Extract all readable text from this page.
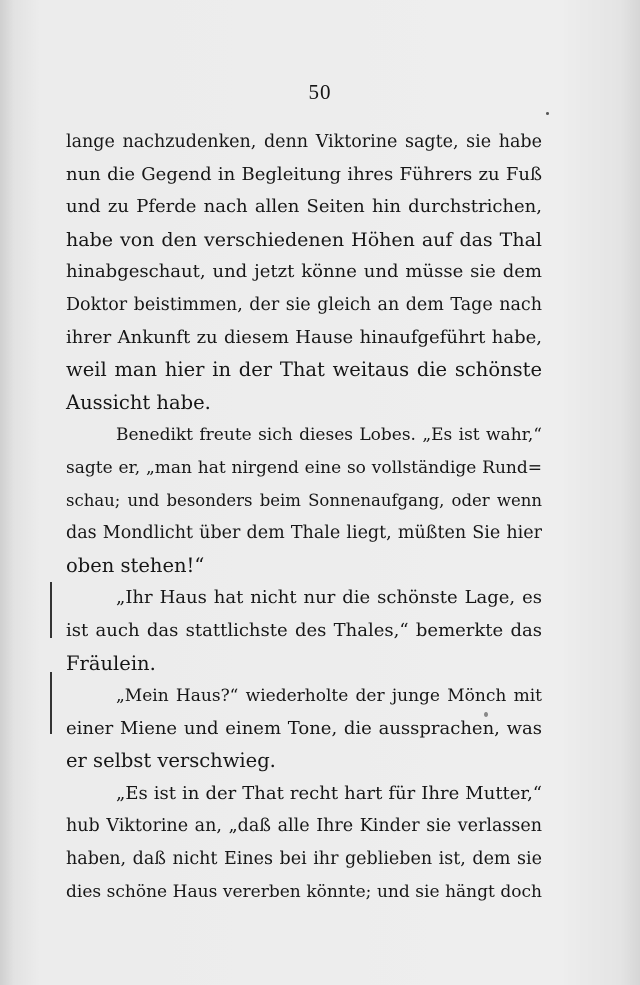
50
lange nachzudenken, denn Viktorine sagte, sie habe
nun die Gegend in Begleitung ihres Führers zu Fuß
und zu Pferde nach allen Seiten hin durchstrichen,
habe von den verschiedenen Höhen auf das Thal
hinabgeschaut, und jetzt könne und müsse sie dem
Doktor beistimmen, der sie gleich an dem Tage nach
ihrer Ankunft zu diesem Hause hinaufgeführt habe,
weil man hier in der That weitaus die schönste
Aussicht habe.
Benedikt freute sich dieses Lobes. „Es ist wahr,“
sagte er, „man hat nirgend eine so vollständige Rund=
schau; und besonders beim Sonnenaufgang, oder wenn
das Mondlicht über dem Thale liegt, müßten Sie hier
oben stehen!“
„Ihr Haus hat nicht nur die schönste Lage, es
ist auch das stattlichste des Thales,“ bemerkte das
Fräulein.
„Mein Haus?“ wiederholte der junge Mönch mit
einer Miene und einem Tone, die aussprachen, was
er selbst verschwieg.
„Es ist in der That recht hart für Ihre Mutter,“
hub Viktorine an, „daß alle Ihre Kinder sie verlassen
haben, daß nicht Eines bei ihr geblieben ist, dem sie
dies schöne Haus vererben könnte; und sie hängt doch
